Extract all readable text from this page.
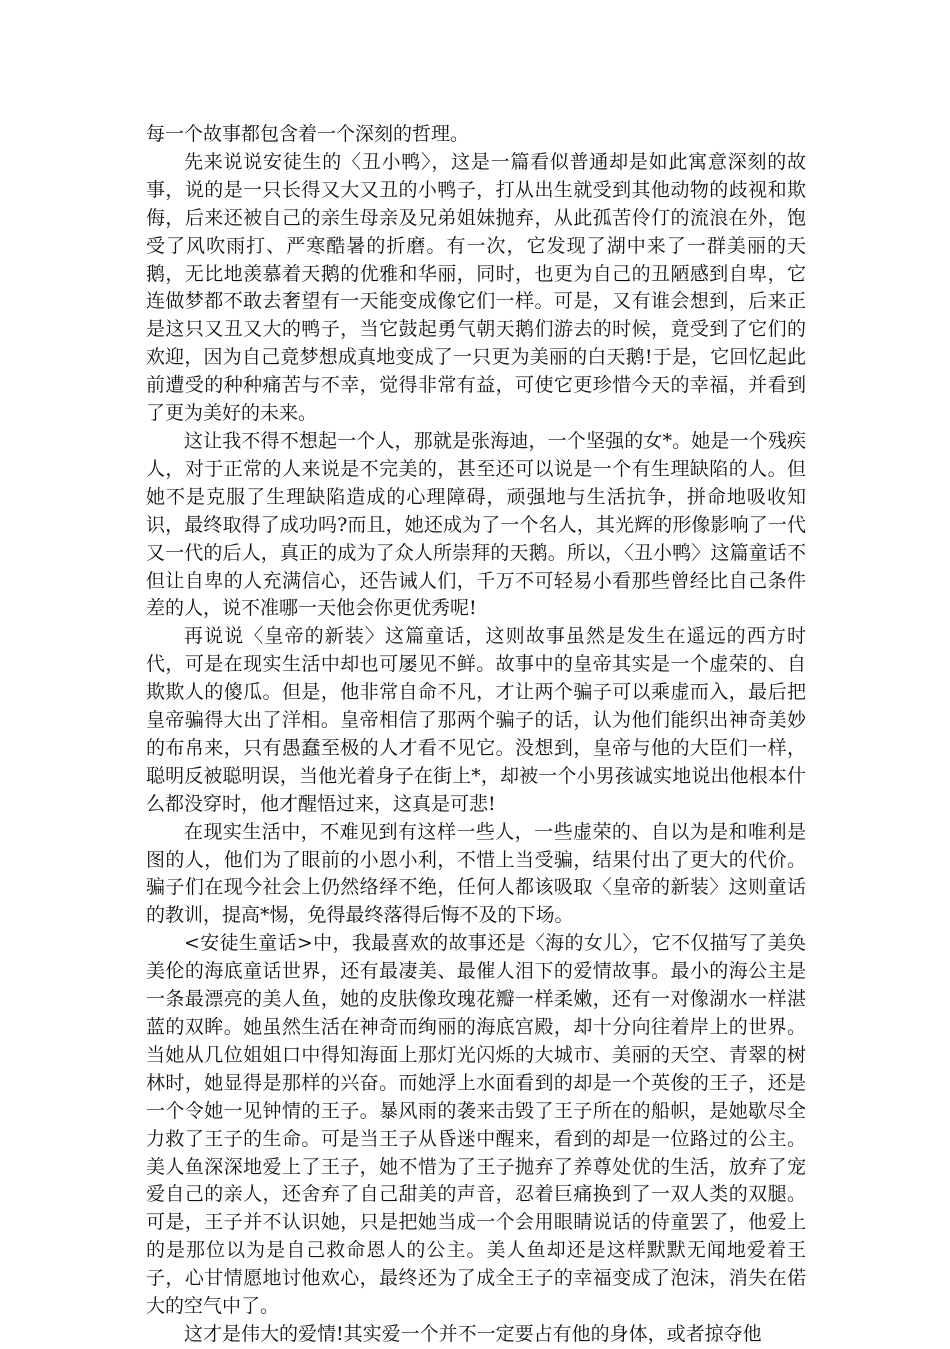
每一个故事都包含着一个深刻的哲理。

先来说说安徒生的〈丑小鸭〉，这是一篇看似普通却是如此寓意深刻的故事，说的是一只长得又大又丑的小鸭子，打从出生就受到其他动物的歧视和欺侮，后来还被自己的亲生母亲及兄弟姐妹抛弃，从此孤苦伶仃的流浪在外，饱受了风吹雨打、严寒酷暑的折磨。有一次，它发现了湖中来了一群美丽的天鹅，无比地羡慕着天鹅的优雅和华丽，同时，也更为自己的丑陋感到自卑，它连做梦都不敢去奢望有一天能变成像它们一样。可是，又有谁会想到，后来正是这只又丑又大的鸭子，当它鼓起勇气朝天鹅们游去的时候，竟受到了它们的欢迎，因为自己竟梦想成真地变成了一只更为美丽的白天鹅!于是，它回忆起此前遭受的种种痛苦与不幸，觉得非常有益，可使它更珍惜今天的幸福，并看到了更为美好的未来。

这让我不得不想起一个人，那就是张海迪，一个坚强的女*。她是一个残疾人，对于正常的人来说是不完美的，甚至还可以说是一个有生理缺陷的人。但她不是克服了生理缺陷造成的心理障碍，顽强地与生活抗争，拼命地吸收知识，最终取得了成功吗?而且，她还成为了一个名人，其光辉的形像影响了一代又一代的后人，真正的成为了众人所崇拜的天鹅。所以，〈丑小鸭〉这篇童话不但让自卑的人充满信心，还告诫人们，千万不可轻易小看那些曾经比自己条件差的人，说不准哪一天他会你更优秀呢!

再说说〈皇帝的新装〉这篇童话，这则故事虽然是发生在遥远的西方时代，可是在现实生活中却也可屡见不鲜。故事中的皇帝其实是一个虚荣的、自欺欺人的傻瓜。但是，他非常自命不凡，才让两个骗子可以乘虚而入，最后把皇帝骗得大出了洋相。皇帝相信了那两个骗子的话，认为他们能织出神奇美妙的布帛来，只有愚蠢至极的人才看不见它。没想到，皇帝与他的大臣们一样，聪明反被聪明误，当他光着身子在街上*，却被一个小男孩诚实地说出他根本什么都没穿时，他才醒悟过来，这真是可悲!

在现实生活中，不难见到有这样一些人，一些虚荣的、自以为是和唯利是图的人，他们为了眼前的小恩小利，不惜上当受骗，结果付出了更大的代价。骗子们在现今社会上仍然络绎不绝，任何人都该吸取〈皇帝的新装〉这则童话的教训，提高*惕，免得最终落得后悔不及的下场。

<安徒生童话>中，我最喜欢的故事还是〈海的女儿〉，它不仅描写了美奂美伦的海底童话世界，还有最凄美、最催人泪下的爱情故事。最小的海公主是一条最漂亮的美人鱼，她的皮肤像玫瑰花瓣一样柔嫩，还有一对像湖水一样湛蓝的双眸。她虽然生活在神奇而绚丽的海底宫殿，却十分向往着岸上的世界。当她从几位姐姐口中得知海面上那灯光闪烁的大城市、美丽的天空、青翠的树林时，她显得是那样的兴奋。而她浮上水面看到的却是一个英俊的王子，还是一个令她一见钟情的王子。暴风雨的袭来击毁了王子所在的船帜，是她歇尽全力救了王子的生命。可是当王子从昏迷中醒来，看到的却是一位路过的公主。美人鱼深深地爱上了王子，她不惜为了王子抛弃了养尊处优的生活，放弃了宠爱自己的亲人，还舍弃了自己甜美的声音，忍着巨痛换到了一双人类的双腿。可是，王子并不认识她，只是把她当成一个会用眼睛说话的侍童罢了，他爱上的是那位以为是自己救命恩人的公主。美人鱼却还是这样默默无闻地爱着王子，心甘情愿地讨他欢心，最终还为了成全王子的幸福变成了泡沫，消失在偌大的空气中了。

这才是伟大的爱情!其实爱一个并不一定要占有他的身体，或者掠夺他
